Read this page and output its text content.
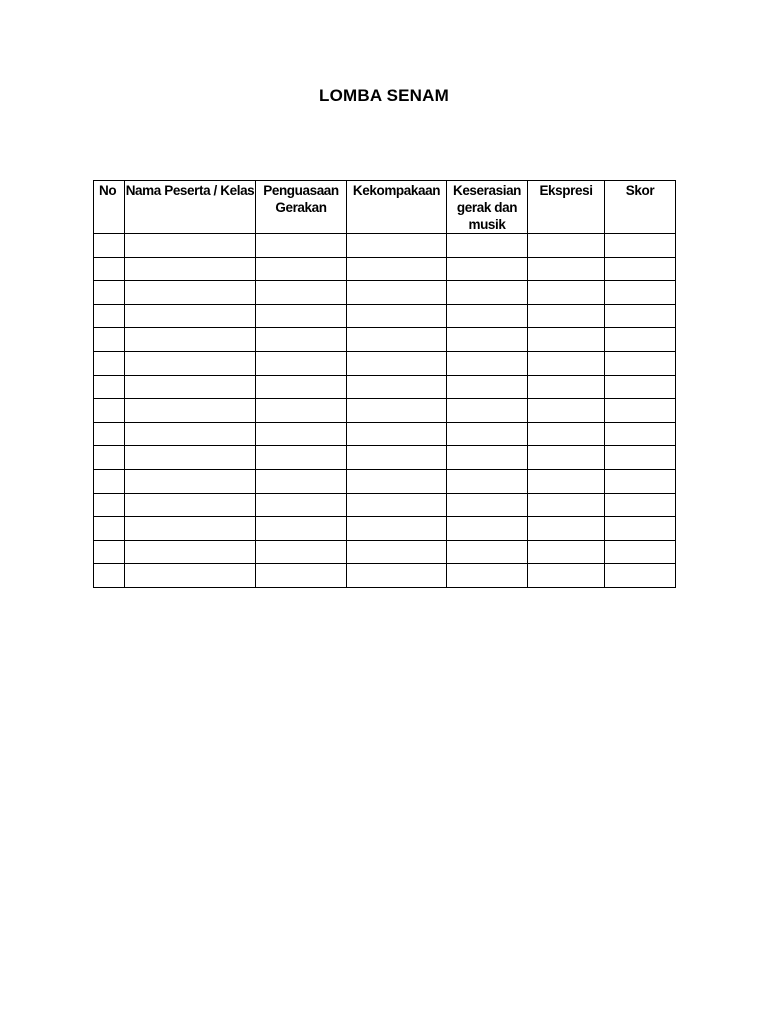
LOMBA SENAM
No	Nama Peserta / Kelas	Penguasaan Gerakan	Kekompakaan	Keserasian gerak dan musik	Ekspresi	Skor
